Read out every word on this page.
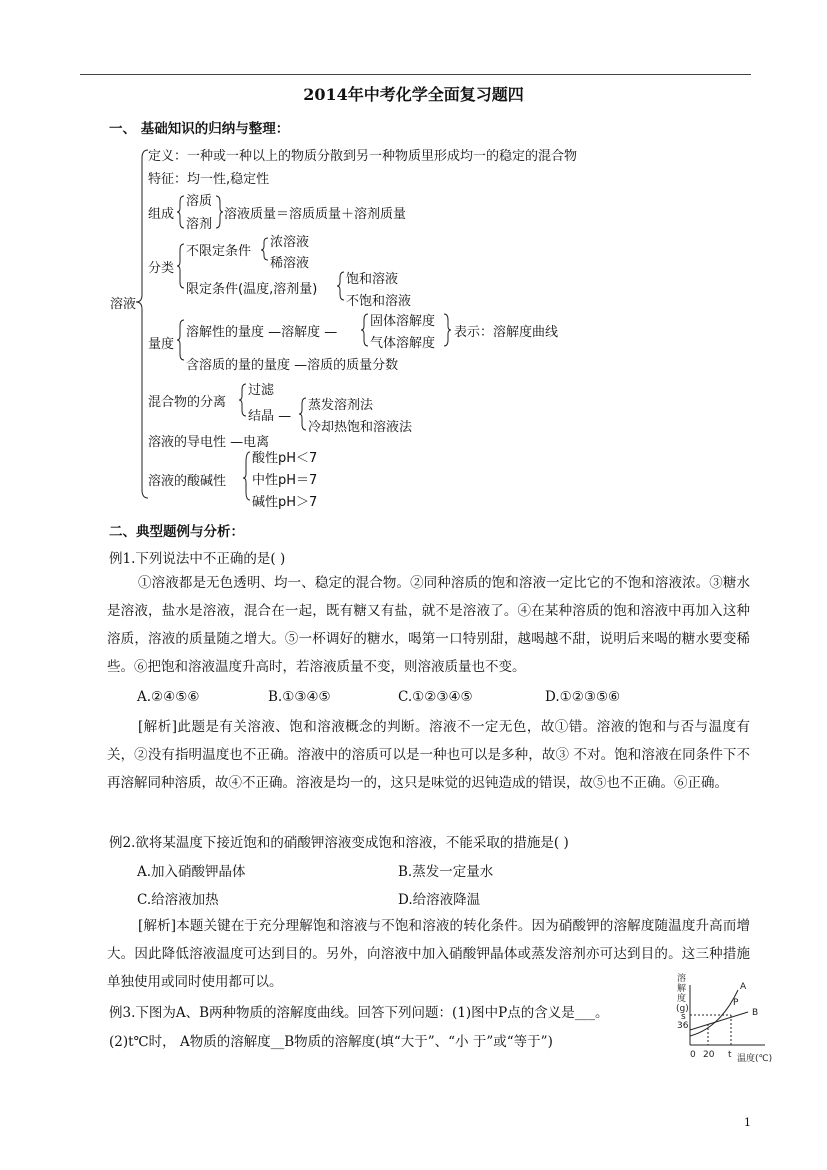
2014年中考化学全面复习题四
一、 基础知识的归纳与整理：
溶液
定义：一种或一种以上的物质分散到另一种物质里形成均一的稳定的混合物
特征：均一性,稳定性
组成
溶质
溶剂
溶液质量＝溶质质量＋溶剂质量
分类
不限定条件
浓溶液
稀溶液
限定条件(温度,溶剂量)
饱和溶液
不饱和溶液
量度
溶解性的量度 —溶解度 —
固体溶解度
气体溶解度
表示：溶解度曲线
含溶质的量的量度 —溶质的质量分数
混合物的分离
过滤
结晶 —
蒸发溶剂法
冷却热饱和溶液法
溶液的导电性 —电离
溶液的酸碱性
酸性pH＜7
中性pH＝7
碱性pH＞7
二、典型题例与分析：
例1.下列说法中不正确的是( )

①溶液都是无色透明、均一、稳定的混合物。②同种溶质的饱和溶液一定比它的不饱和溶液浓。③糖水是溶液，盐水是溶液，混合在一起，既有糖又有盐，就不是溶液了。④在某种溶质的饱和溶液中再加入这种溶质，溶液的质量随之增大。⑤一杯调好的糖水，喝第一口特别甜，越喝越不甜，说明后来喝的糖水要变稀些。⑥把饱和溶液温度升高时，若溶液质量不变，则溶液质量也不变。

A.②④⑤⑥	B.①③④⑤	C.①②③④⑤	D.①②③⑤⑥

[解析]此题是有关溶液、饱和溶液概念的判断。溶液不一定无色，故①错。溶液的饱和与否与温度有关，②没有指明温度也不正确。溶液中的溶质可以是一种也可以是多种，故③ 不对。饱和溶液在同条件下不再溶解同种溶质，故④不正确。溶液是均一的，这只是味觉的迟钝造成的错误，故⑤也不正确。⑥正确。

例2.欲将某温度下接近饱和的硝酸钾溶液变成饱和溶液，不能采取的措施是( )
A.加入硝酸钾晶体	B.蒸发一定量水
C.给溶液加热	D.给溶液降温

[解析]本题关键在于充分理解饱和溶液与不饱和溶液的转化条件。因为硝酸钾的溶解度随温度升高而增大。因此降低溶液温度可达到目的。另外，向溶液中加入硝酸钾晶体或蒸发溶剂亦可达到目的。这三种措施单独使用或同时使用都可以。

例3.下图为A、B两种物质的溶解度曲线。回答下列问题：(1)图中P点的含义是___。
(2)t℃时， A物质的溶解度__B物质的溶解度(填“大于”、“小 于”或“等于”)
溶
解
度
(g)
s
36
0 20 t 温度(℃)
A
B
P
1
